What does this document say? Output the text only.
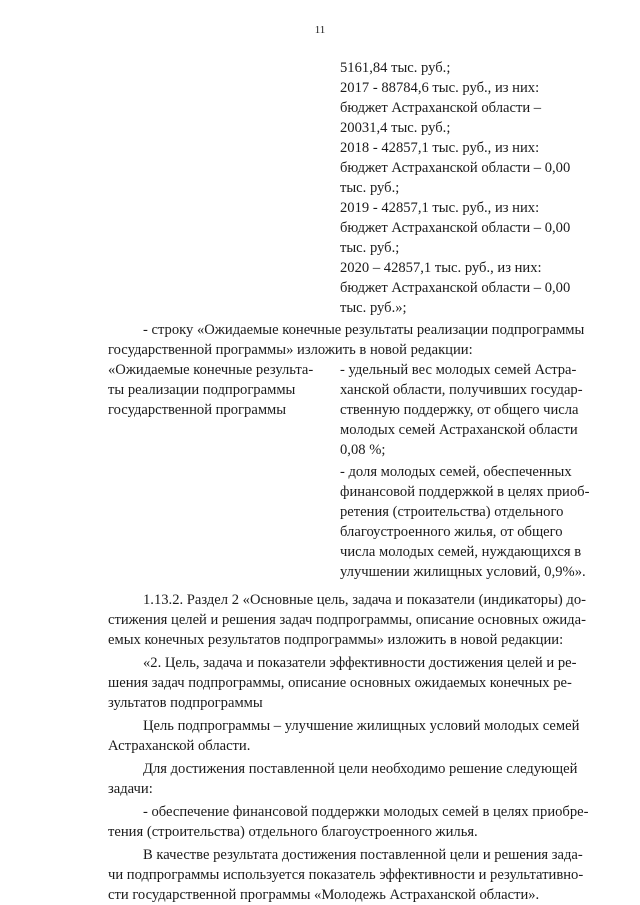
11
5161,84 тыс. руб.;
2017 - 88784,6 тыс. руб., из них:
бюджет Астраханской области –
20031,4 тыс. руб.;
2018 - 42857,1 тыс. руб., из них:
бюджет Астраханской области – 0,00
тыс. руб.;
2019 - 42857,1 тыс. руб., из них:
бюджет Астраханской области – 0,00
тыс. руб.;
2020 – 42857,1 тыс. руб., из них:
бюджет Астраханской области – 0,00
тыс. руб.»;
- строку «Ожидаемые конечные результаты реализации подпрограммы
государственной программы» изложить в новой редакции:
«Ожидаемые конечные результа-
ты реализации подпрограммы
государственной программы
- удельный вес молодых семей Астра-
ханской области, получивших государ-
ственную поддержку, от общего числа
молодых семей Астраханской области
0,08 %;
- доля молодых семей, обеспеченных
финансовой поддержкой в целях приоб-
ретения (строительства) отдельного
благоустроенного жилья, от общего
числа молодых семей, нуждающихся в
улучшении жилищных условий, 0,9%».
1.13.2. Раздел 2 «Основные цель, задача и показатели (индикаторы) до-
стижения целей и решения задач подпрограммы, описание основных ожида-
емых конечных результатов подпрограммы» изложить в новой редакции:
«2. Цель, задача и показатели эффективности достижения целей и ре-
шения задач подпрограммы, описание основных ожидаемых конечных ре-
зультатов подпрограммы
Цель подпрограммы – улучшение жилищных условий молодых семей
Астраханской области.
Для достижения поставленной цели необходимо решение следующей
задачи:
- обеспечение финансовой поддержки молодых семей в целях приобре-
тения (строительства) отдельного благоустроенного жилья.
В качестве результата достижения поставленной цели и решения зада-
чи подпрограммы используется показатель эффективности и результативно-
сти государственной программы «Молодежь Астраханской области».
